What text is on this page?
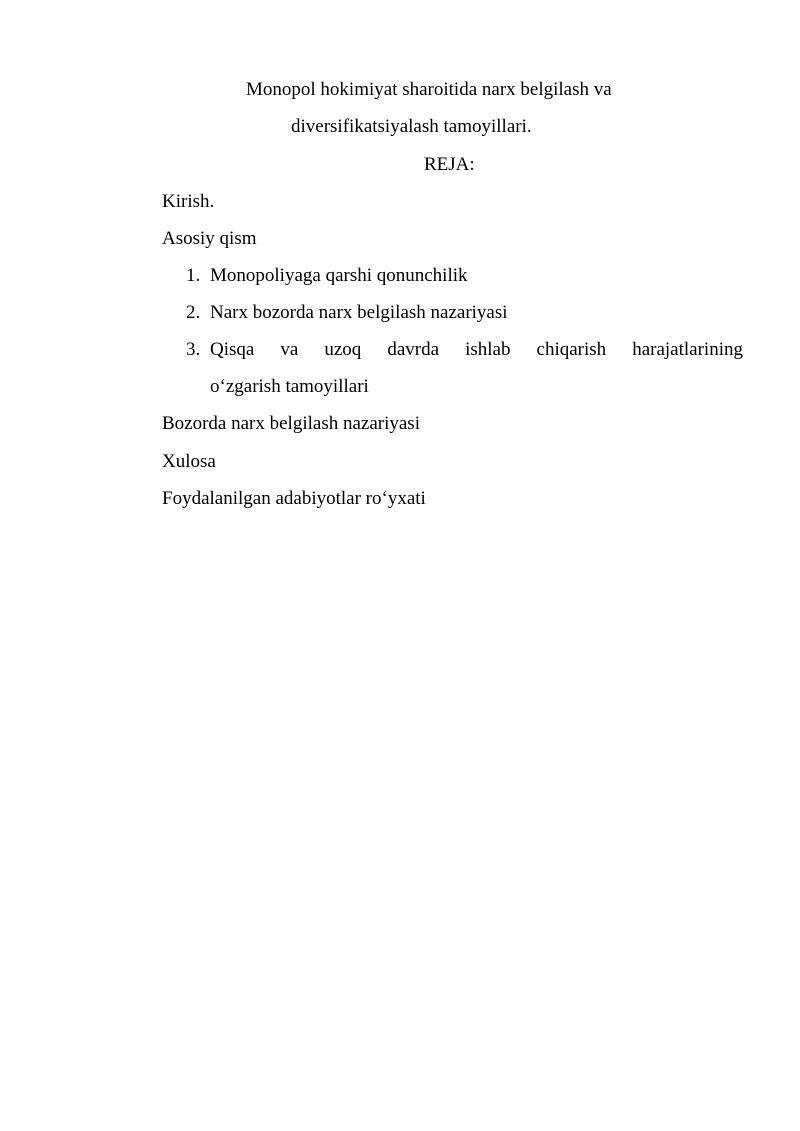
Monopol hokimiyat sharoitida narx belgilash va
diversifikatsiyalash tamoyillari.
REJA:
Kirish.
Asosiy qism
1. Monopoliyaga qarshi qonunchilik
2. Narx bozorda narx belgilash nazariyasi
3. Qisqa va uzoq davrda ishlab chiqarish harajatlarining
o‘zgarish tamoyillari
Bozorda narx belgilash nazariyasi
Xulosa
Foydalanilgan adabiyotlar ro‘yxati
